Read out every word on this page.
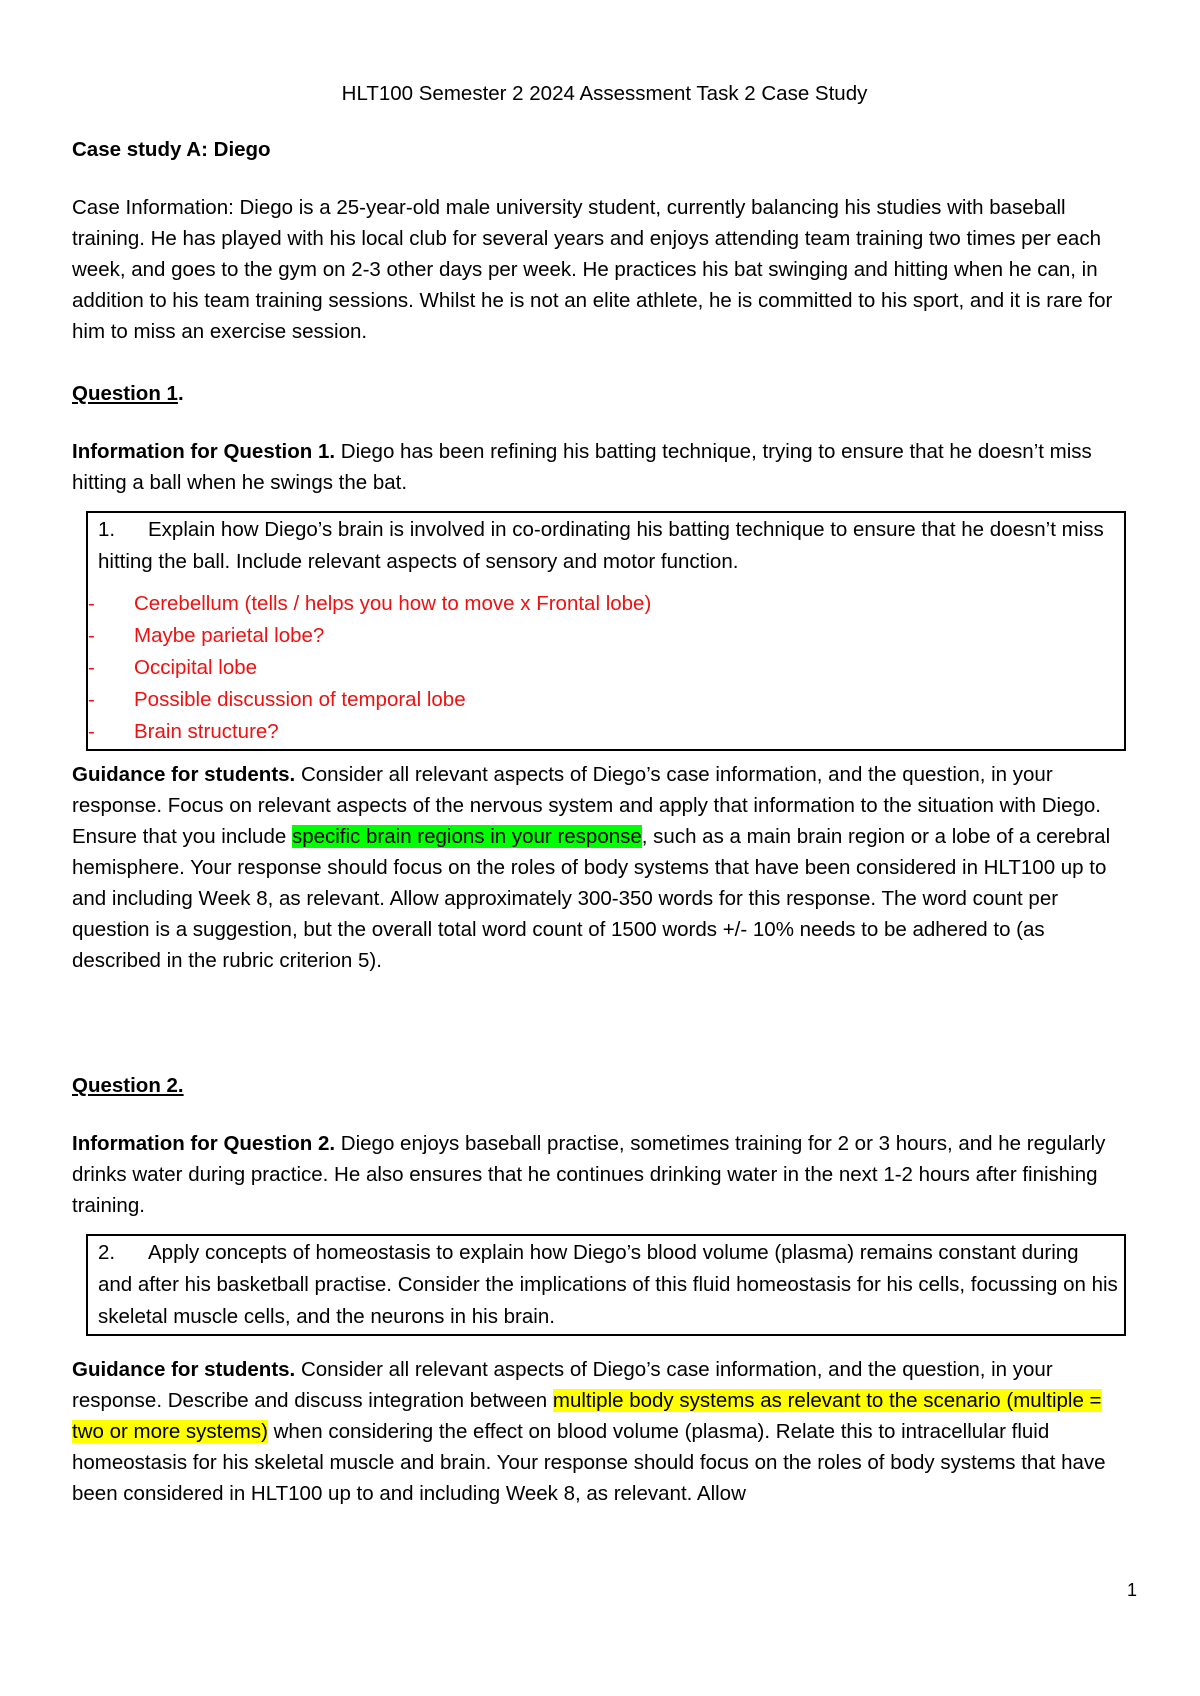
HLT100 Semester 2 2024 Assessment Task 2 Case Study

Case study A: Diego

Case Information: Diego is a 25-year-old male university student, currently balancing his studies with baseball training. He has played with his local club for several years and enjoys attending team training two times per each week, and goes to the gym on 2-3 other days per week. He practices his bat swinging and hitting when he can, in addition to his team training sessions. Whilst he is not an elite athlete, he is committed to his sport, and it is rare for him to miss an exercise session.

Question 1.

Information for Question 1. Diego has been refining his batting technique, trying to ensure that he doesn’t miss hitting a ball when he swings the bat.

1. Explain how Diego’s brain is involved in co-ordinating his batting technique to ensure that he doesn’t miss hitting the ball. Include relevant aspects of sensory and motor function.

- Cerebellum (tells / helps you how to move x Frontal lobe)
- Maybe parietal lobe?
- Occipital lobe
- Possible discussion of temporal lobe
- Brain structure?

Guidance for students. Consider all relevant aspects of Diego’s case information, and the question, in your response. Focus on relevant aspects of the nervous system and apply that information to the situation with Diego. Ensure that you include specific brain regions in your response, such as a main brain region or a lobe of a cerebral hemisphere. Your response should focus on the roles of body systems that have been considered in HLT100 up to and including Week 8, as relevant. Allow approximately 300-350 words for this response. The word count per question is a suggestion, but the overall total word count of 1500 words +/- 10% needs to be adhered to (as described in the rubric criterion 5).

Question 2.

Information for Question 2. Diego enjoys baseball practise, sometimes training for 2 or 3 hours, and he regularly drinks water during practice. He also ensures that he continues drinking water in the next 1-2 hours after finishing training.

2. Apply concepts of homeostasis to explain how Diego’s blood volume (plasma) remains constant during and after his basketball practise. Consider the implications of this fluid homeostasis for his cells, focussing on his skeletal muscle cells, and the neurons in his brain.

Guidance for students. Consider all relevant aspects of Diego’s case information, and the question, in your response. Describe and discuss integration between multiple body systems as relevant to the scenario (multiple = two or more systems) when considering the effect on blood volume (plasma). Relate this to intracellular fluid homeostasis for his skeletal muscle and brain. Your response should focus on the roles of body systems that have been considered in HLT100 up to and including Week 8, as relevant. Allow

1
